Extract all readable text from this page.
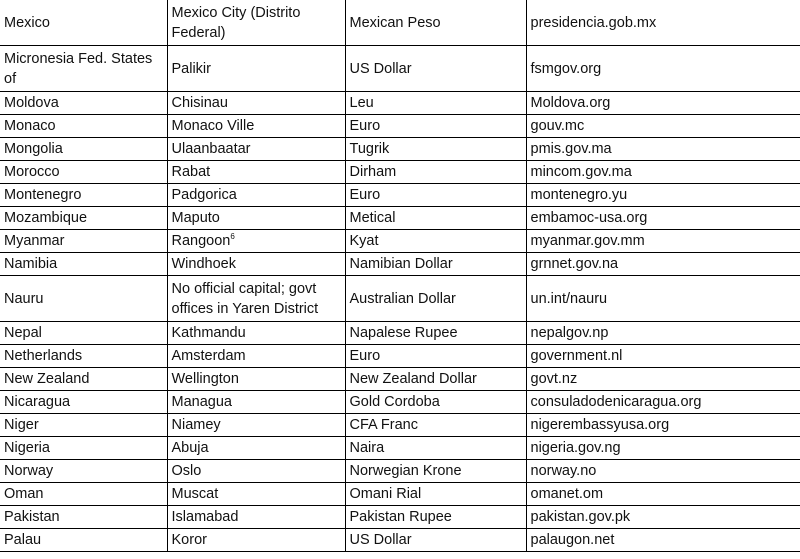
Mexico	Mexico City (Distrito Federal)	Mexican Peso	presidencia.gob.mx
Micronesia Fed. States of	Palikir	US Dollar	fsmgov.org
Moldova	Chisinau	Leu	Moldova.org
Monaco	Monaco Ville	Euro	gouv.mc
Mongolia	Ulaanbaatar	Tugrik	pmis.gov.ma
Morocco	Rabat	Dirham	mincom.gov.ma
Montenegro	Padgorica	Euro	montenegro.yu
Mozambique	Maputo	Metical	embamoc-usa.org
Myanmar	Rangoon$^6$	Kyat	myanmar.gov.mm
Namibia	Windhoek	Namibian Dollar	grnnet.gov.na
Nauru	No official capital; govt offices in Yaren District	Australian Dollar	un.int/nauru
Nepal	Kathmandu	Napalese Rupee	nepalgov.np
Netherlands	Amsterdam	Euro	government.nl
New Zealand	Wellington	New Zealand Dollar	govt.nz
Nicaragua	Managua	Gold Cordoba	consuladodenicaragua.org
Niger	Niamey	CFA Franc	nigerembassyusa.org
Nigeria	Abuja	Naira	nigeria.gov.ng
Norway	Oslo	Norwegian Krone	norway.no
Oman	Muscat	Omani Rial	omanet.om
Pakistan	Islamabad	Pakistan Rupee	pakistan.gov.pk
Palau	Koror	US Dollar	palaugon.net
